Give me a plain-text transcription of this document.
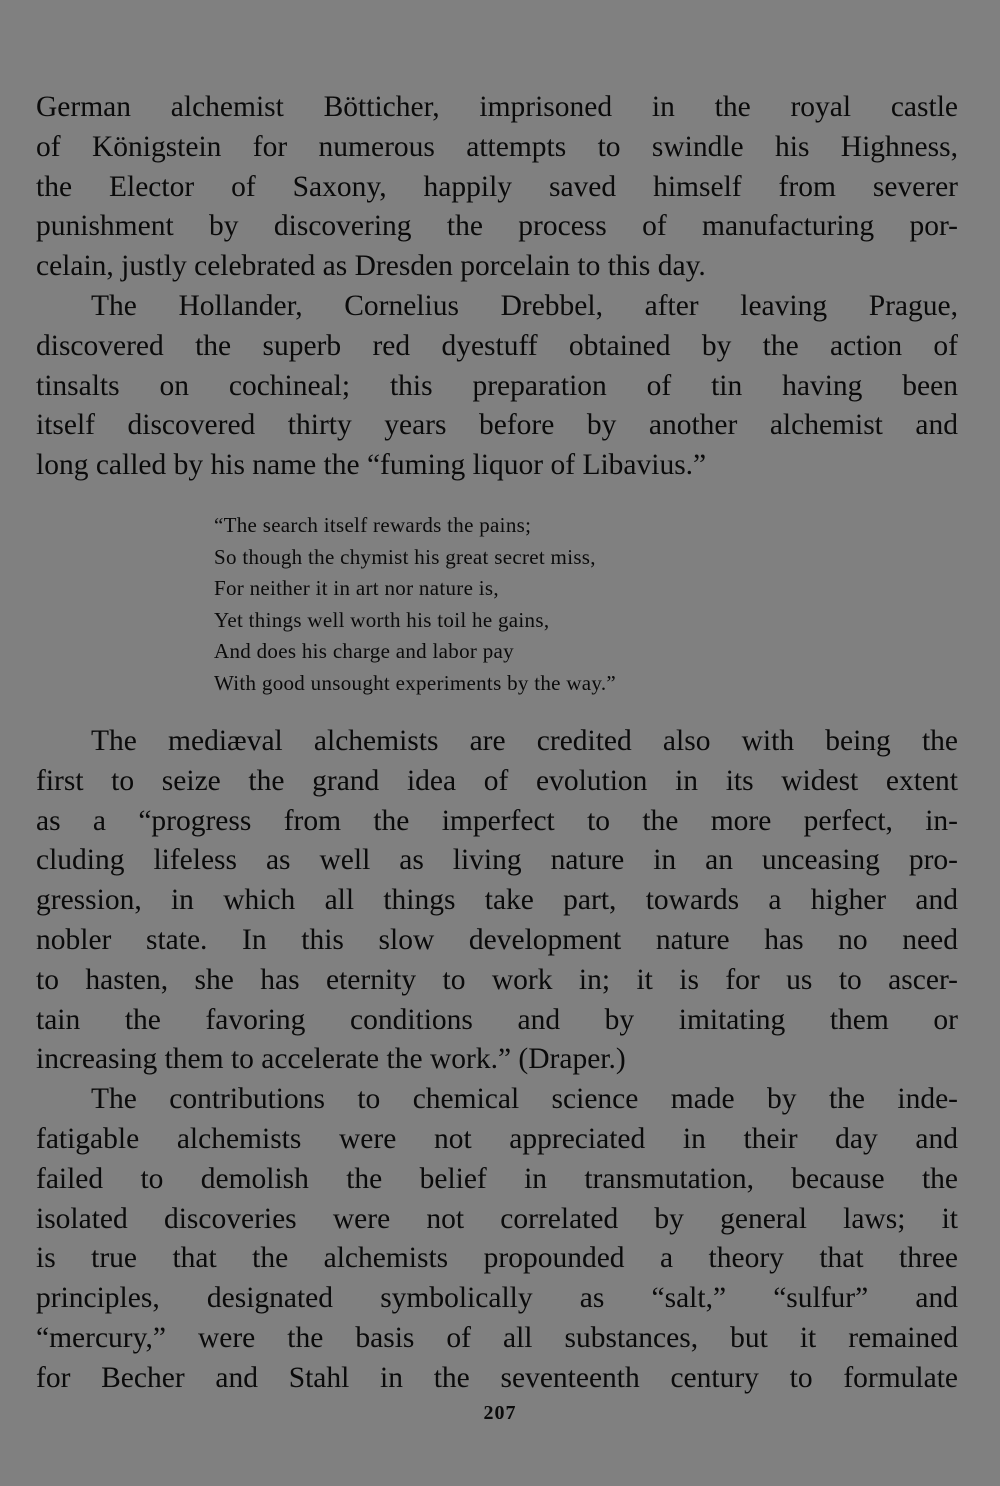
German alchemist Bötticher, imprisoned in the royal castle
of Königstein for numerous attempts to swindle his Highness,
the Elector of Saxony, happily saved himself from severer
punishment by discovering the process of manufacturing por-
celain, justly celebrated as Dresden porcelain to this day.
The Hollander, Cornelius Drebbel, after leaving Prague,
discovered the superb red dyestuff obtained by the action of
tinsalts on cochineal; this preparation of tin having been
itself discovered thirty years before by another alchemist and
long called by his name the “fuming liquor of Libavius.”
“The search itself rewards the pains;
So though the chymist his great secret miss,
For neither it in art nor nature is,
Yet things well worth his toil he gains,
And does his charge and labor pay
With good unsought experiments by the way.”
The mediæval alchemists are credited also with being the
first to seize the grand idea of evolution in its widest extent
as a “progress from the imperfect to the more perfect, in-
cluding lifeless as well as living nature in an unceasing pro-
gression, in which all things take part, towards a higher and
nobler state. In this slow development nature has no need
to hasten, she has eternity to work in; it is for us to ascer-
tain the favoring conditions and by imitating them or
increasing them to accelerate the work.” (Draper.)
The contributions to chemical science made by the inde-
fatigable alchemists were not appreciated in their day and
failed to demolish the belief in transmutation, because the
isolated discoveries were not correlated by general laws; it
is true that the alchemists propounded a theory that three
principles, designated symbolically as “salt,” “sulfur” and
“mercury,” were the basis of all substances, but it remained
for Becher and Stahl in the seventeenth century to formulate
207
